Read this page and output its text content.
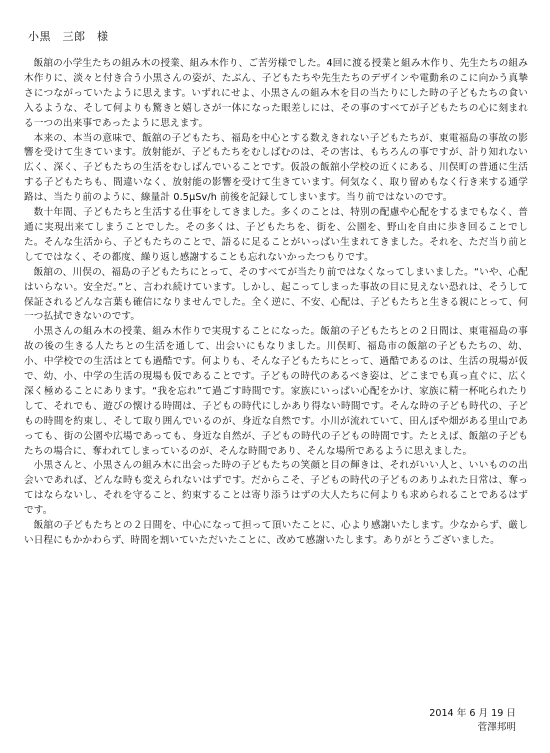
小黒　三郎　様

飯舘の小学生たちの組み木の授業、組み木作り、ご苦労様でした。4回に渡る授業と組み木作り、先生たちの組み木作りに、淡々と付き合う小黒さんの姿が、たぶん、子どもたちや先生たちのデザインや電動糸のこに向かう真摯さにつながっていたように思えます。いずれにせよ、小黒さんの組み木を目の当たりにした時の子どもたちの食い入るような、そして何よりも驚きと嬉しさが一体になった眼差しには、その事のすべてが子どもたちの心に刻まれる一つの出来事であったように思えます。

本来の、本当の意味で、飯舘の子どもたち、福島を中心とする数えきれない子どもたちが、東電福島の事故の影響を受けて生きています。放射能が、子どもたちをむしばむのは、その害は、もちろんの事ですが、計り知れない広く、深く、子どもたちの生活をむしばんでいることです。仮設の飯舘小学校の近くにある、川俣町の普通に生活する子どもたちも、間違いなく、放射能の影響を受けて生きています。何気なく、取り留めもなく行き来する通学路は、当たり前のように、線量計 0.5μSv/h 前後を記録してしまいます。当り前ではないのです。

数十年間、子どもたちと生活する仕事をしてきました。多くのことは、特別の配慮や心配をするまでもなく、普通に実現出来てしまうことでした。その多くは、子どもたちを、街を、公園を、野山を自由に歩き回ることでした。そんな生活から、子どもたちのことで、語るに足ることがいっぱい生まれてきました。それを、ただ当り前としてではなく、その都度、繰り返し感謝することも忘れないかったつもりです。

飯舘の、川俣の、福島の子どもたちにとって、そのすべてが当たり前ではなくなってしまいました。“いや、心配はいらない。安全だ。”と、言われ続けています。しかし、起こってしまった事故の目に見えない恐れは、そうして保証されるどんな言葉も確信になりませんでした。全く逆に、不安、心配は、子どもたちと生きる親にとって、何一つ払拭できないのです。

小黒さんの組み木の授業、組み木作りで実現することになった。飯舘の子どもたちとの２日間は、東電福島の事故の後の生きる人たちとの生活を通して、出会いにもなりました。川俣町、福島市の飯舘の子どもたちの、幼、小、中学校での生活はとても過酷です。何よりも、そんな子どもたちにとって、過酷であるのは、生活の現場が仮で、幼、小、中学の生活の現場も仮であることです。子どもの時代のあるべき姿は、どこまでも真っ直ぐに、広く深く極めることにあります。“我を忘れ”て過ごす時間です。家族にいっぱい心配をかけ、家族に精一杯叱られたりして、それでも、遊びの懐ける時間は、子どもの時代にしかあり得ない時間です。そんな時の子ども時代の、子どもの時間を約束し、そして取り囲んでいるのが、身近な自然です。小川が流れていて、田んぼや畑がある里山であっても、街の公園や広場であっても、身近な自然が、子どもの時代の子どもの時間です。たとえば、飯舘の子どもたちの場合に、奪われてしまっているのが、そんな時間であり、そんな場所であるように思えました。

小黒さんと、小黒さんの組み木に出会った時の子どもたちの笑顔と目の輝きは、それがいい人と、いいものの出会いであれば、どんな時も変えられないはずです。だからこそ、子どもの時代の子どものありふれた日常は、奪ってはならないし、それを守ること、約束することは寄り添うはずの大人たちに何よりも求められることであるはずです。

飯舘の子どもたちとの２日間を、中心になって担って頂いたことに、心より感謝いたします。少なからず、厳しい日程にもかかわらず、時間を割いていただいたことに、改めて感謝いたします。ありがとうございました。

2014 年 6 月 19 日
菅澤邦明
